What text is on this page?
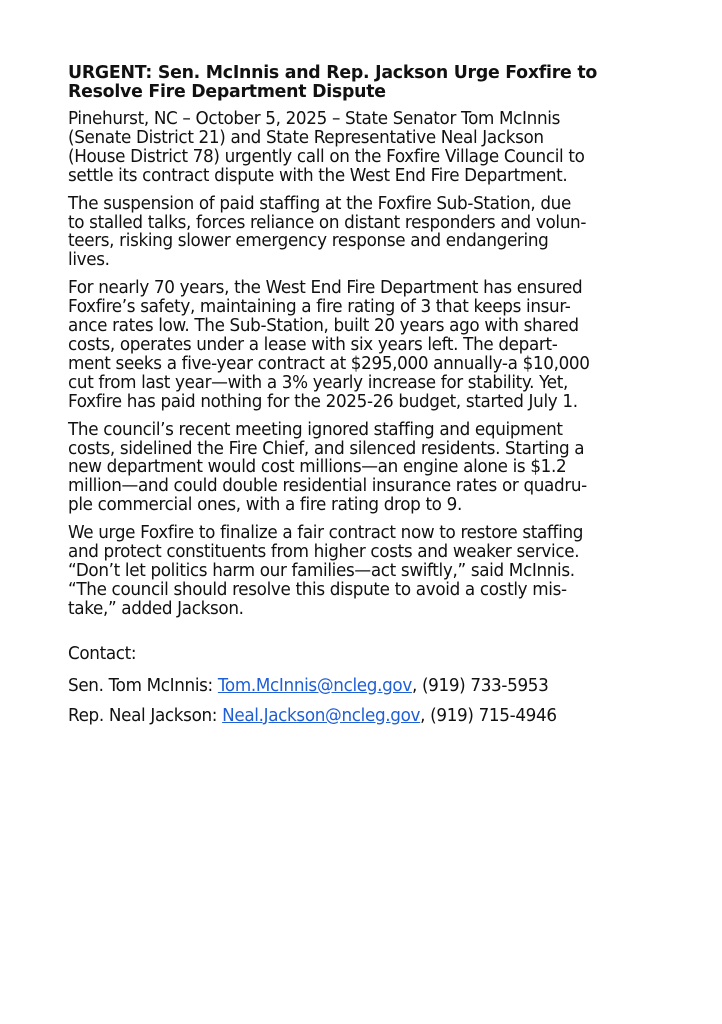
URGENT: Sen. McInnis and Rep. Jackson Urge Foxfire to
Resolve Fire Department Dispute

Pinehurst, NC – October 5, 2025 – State Senator Tom McInnis
(Senate District 21) and State Representative Neal Jackson
(House District 78) urgently call on the Foxfire Village Council to
settle its contract dispute with the West End Fire Department.

The suspension of paid staffing at the Foxfire Sub-Station, due
to stalled talks, forces reliance on distant responders and volun-
teers, risking slower emergency response and endangering
lives.

For nearly 70 years, the West End Fire Department has ensured
Foxfire’s safety, maintaining a fire rating of 3 that keeps insur-
ance rates low. The Sub-Station, built 20 years ago with shared
costs, operates under a lease with six years left. The depart-
ment seeks a five-year contract at $295,000 annually-a $10,000
cut from last year—with a 3% yearly increase for stability. Yet,
Foxfire has paid nothing for the 2025-26 budget, started July 1.

The council’s recent meeting ignored staffing and equipment
costs, sidelined the Fire Chief, and silenced residents. Starting a
new department would cost millions—an engine alone is $1.2
million—and could double residential insurance rates or quadru-
ple commercial ones, with a fire rating drop to 9.

We urge Foxfire to finalize a fair contract now to restore staffing
and protect constituents from higher costs and weaker service.
“Don’t let politics harm our families—act swiftly,” said McInnis.
“The council should resolve this dispute to avoid a costly mis-
take,” added Jackson.

Contact:
Sen. Tom McInnis: Tom.McInnis@ncleg.gov, (919) 733-5953
Rep. Neal Jackson: Neal.Jackson@ncleg.gov, (919) 715-4946
